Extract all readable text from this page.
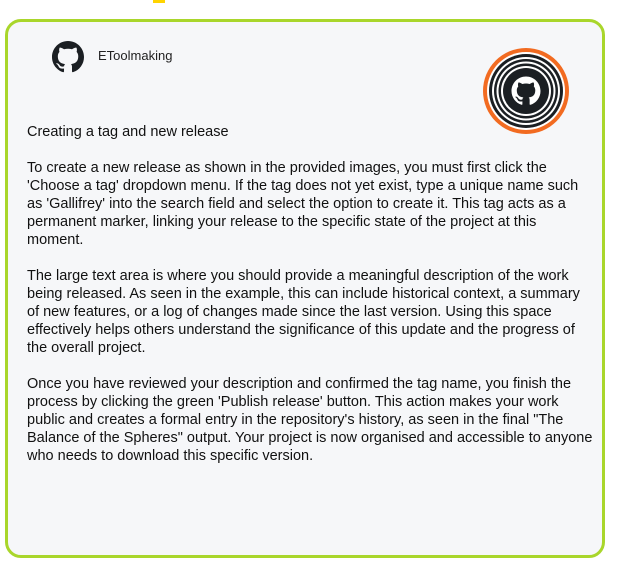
EToolmaking
Creating a tag and new release

To create a new release as shown in the provided images, you must first click the 'Choose a tag' dropdown menu. If the tag does not yet exist, type a unique name such as 'Gallifrey' into the search field and select the option to create it. This tag acts as a permanent marker, linking your release to the specific state of the project at this moment.

The large text area is where you should provide a meaningful description of the work being released. As seen in the example, this can include historical context, a summary of new features, or a log of changes made since the last version. Using this space effectively helps others understand the significance of this update and the progress of the overall project.

Once you have reviewed your description and confirmed the tag name, you finish the process by clicking the green 'Publish release' button. This action makes your work public and creates a formal entry in the repository's history, as seen in the final "The Balance of the Spheres" output. Your project is now organised and accessible to anyone who needs to download this specific version.
